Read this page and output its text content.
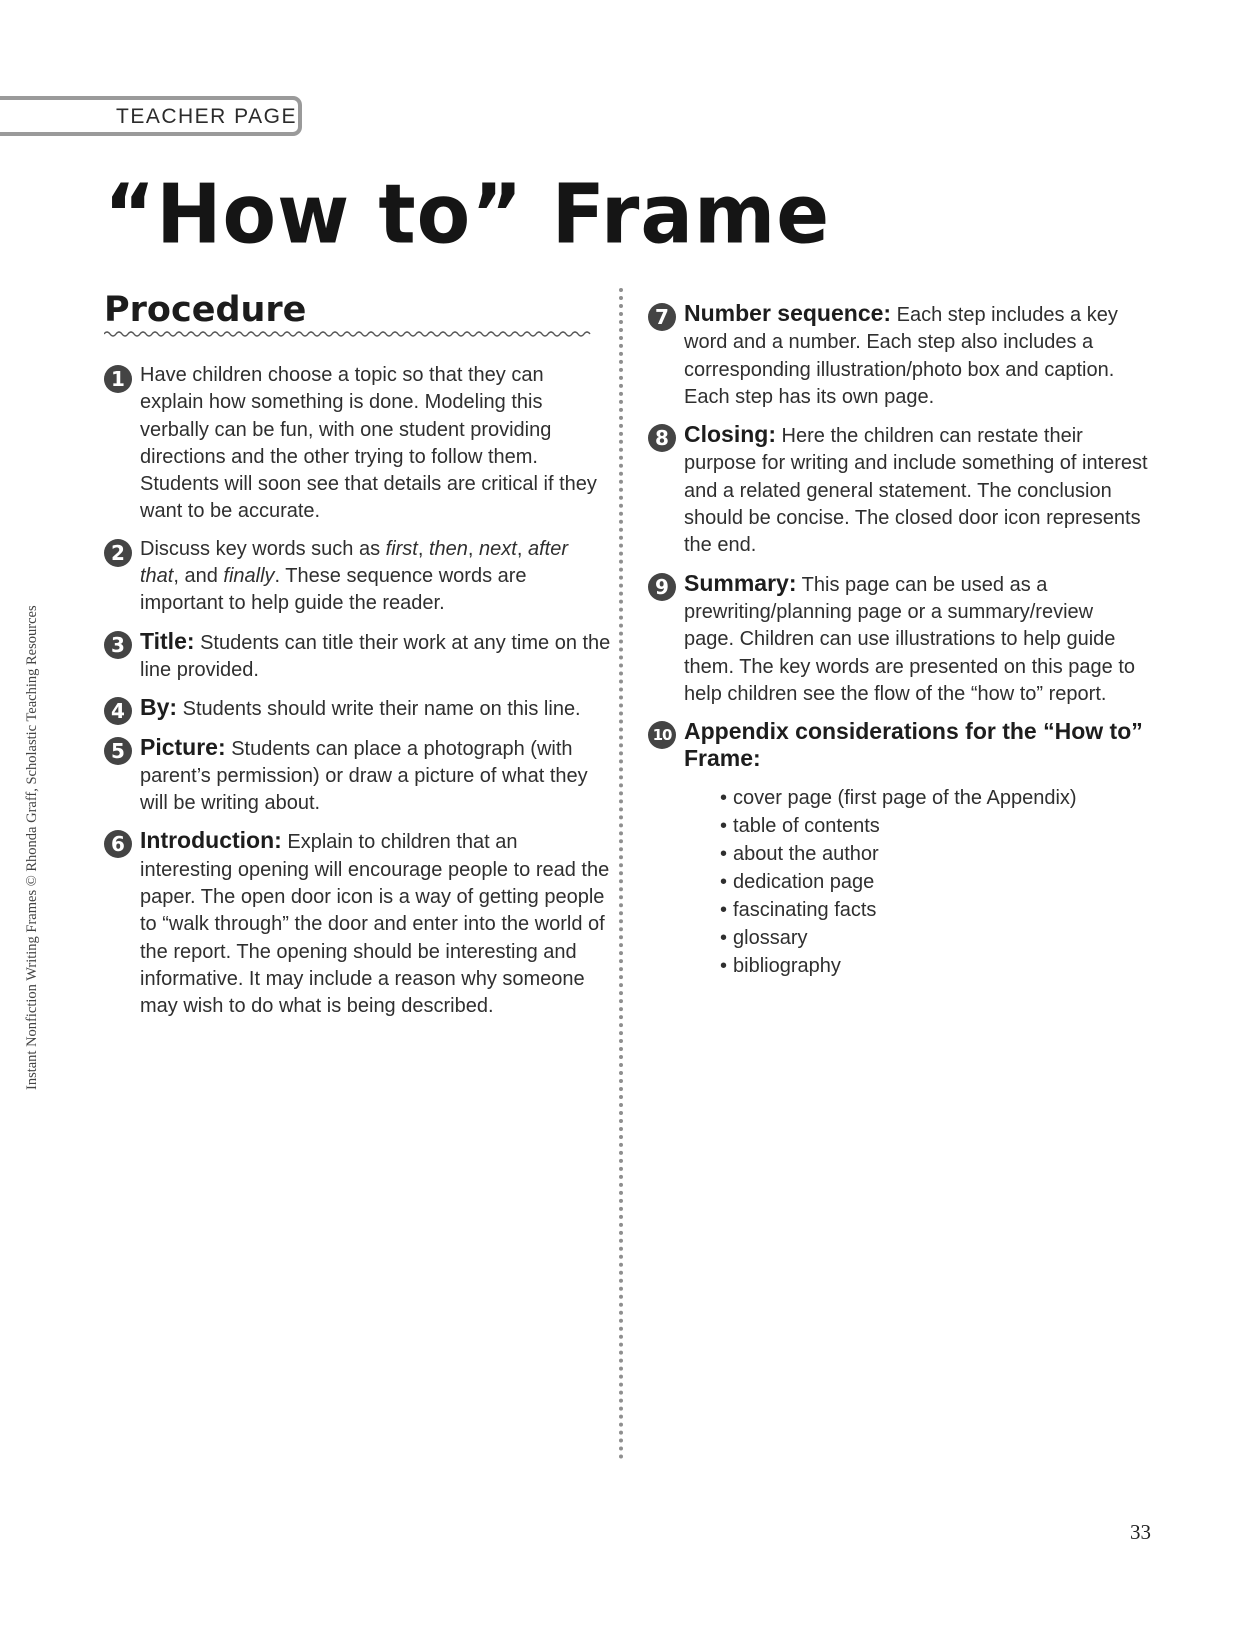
TEACHER PAGE
“How to” Frame
Instant Nonfiction Writing Frames © Rhonda Graff, Scholastic Teaching Resources
Procedure
1 Have children choose a topic so that they can explain how something is done. Modeling this verbally can be fun, with one student providing directions and the other trying to follow them. Students will soon see that details are critical if they want to be accurate.
2 Discuss key words such as first, then, next, after that, and finally. These sequence words are important to help guide the reader.
3 Title: Students can title their work at any time on the line provided.
4 By: Students should write their name on this line.
5 Picture: Students can place a photograph (with parent’s permission) or draw a picture of what they will be writing about.
6 Introduction: Explain to children that an interesting opening will encourage people to read the paper. The open door icon is a way of getting people to “walk through” the door and enter into the world of the report. The opening should be interesting and informative. It may include a reason why someone may wish to do what is being described.
7 Number sequence: Each step includes a key word and a number. Each step also includes a corresponding illustration/photo box and caption. Each step has its own page.
8 Closing: Here the children can restate their purpose for writing and include something of interest and a related general statement. The conclusion should be concise. The closed door icon represents the end.
9 Summary: This page can be used as a prewriting/planning page or a summary/review page. Children can use illustrations to help guide them. The key words are presented on this page to help children see the flow of the “how to” report.
10 Appendix considerations for the “How to” Frame:
• cover page (first page of the Appendix)
• table of contents
• about the author
• dedication page
• fascinating facts
• glossary
• bibliography
33
